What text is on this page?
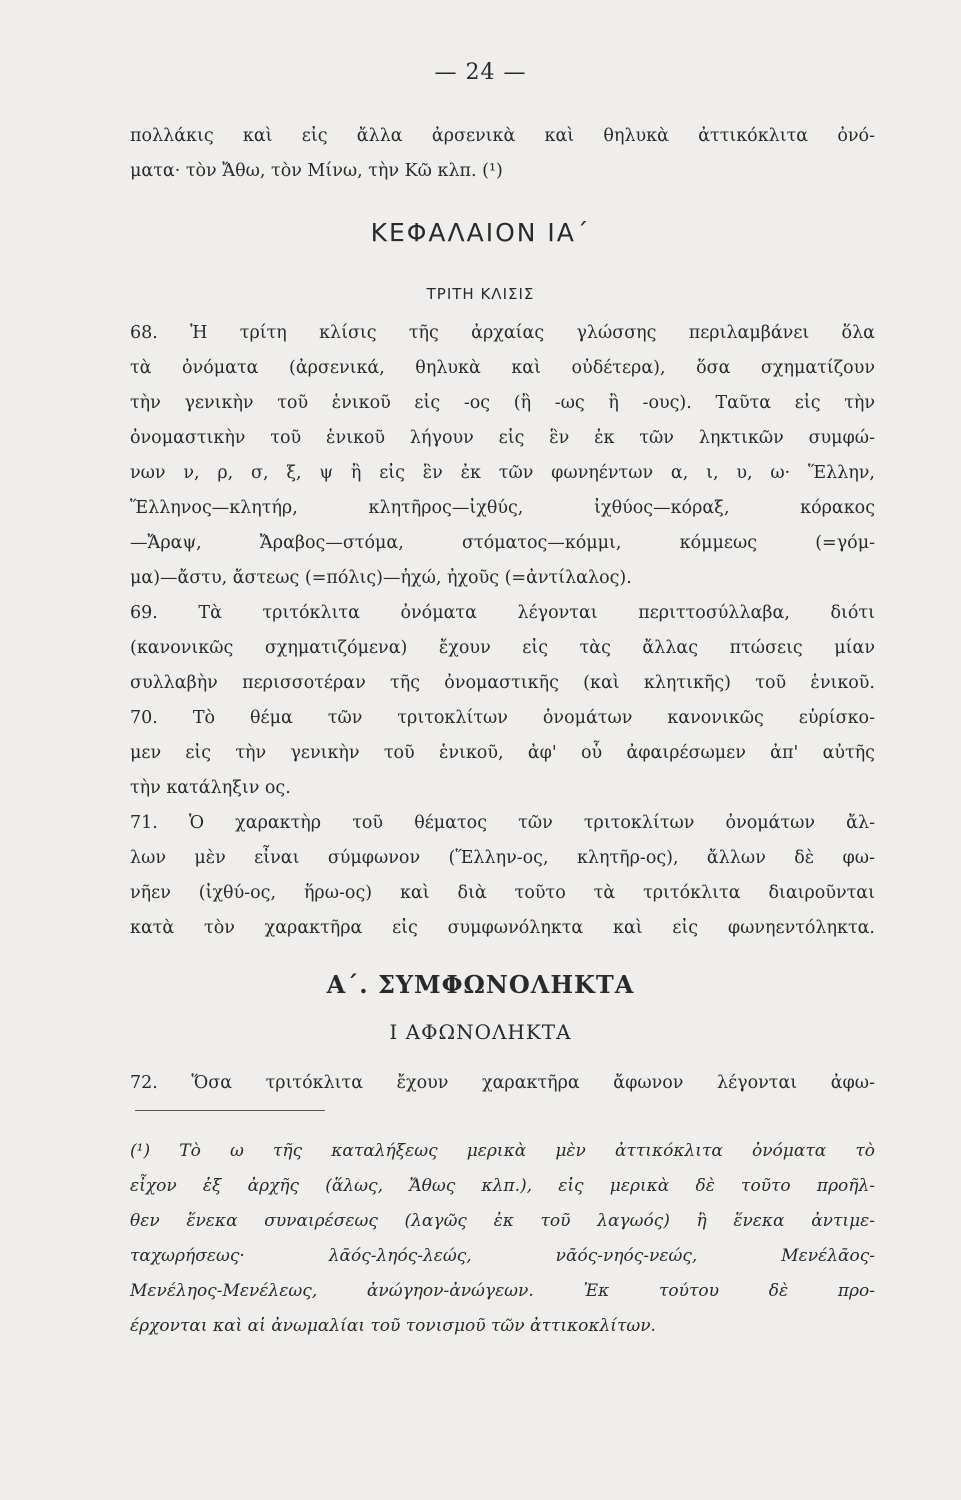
— 24 —
πολλάκις καὶ εἰς ἄλλα ἀρσενικὰ καὶ θηλυκὰ ἀττικόκλιτα ὀνό-
ματα· τὸν Ἄθω, τὸν Μίνω, τὴν Κῶ κλπ. (¹)
ΚΕΦΑΛΑΙΟΝ ΙΑ΄
ΤΡΙΤΗ ΚΛΙΣΙΣ
68. Ἡ τρίτη κλίσις τῆς ἀρχαίας γλώσσης περιλαμβάνει ὅλα
τὰ ὀνόματα (ἀρσενικά, θηλυκὰ καὶ οὐδέτερα), ὅσα σχηματίζουν
τὴν γενικὴν τοῦ ἑνικοῦ εἰς -ος (ἢ -ως ἢ -ους). Ταῦτα εἰς τὴν
ὀνομαστικὴν τοῦ ἑνικοῦ λήγουν εἰς ἓν ἐκ τῶν ληκτικῶν συμφώ-
νων ν, ρ, σ, ξ, ψ ἢ εἰς ἓν ἐκ τῶν φωνηέντων α, ι, υ, ω· Ἕλλην,
Ἕλληνος—κλητήρ, κλητῆρος—ἰχθύς, ἰχθύος—κόραξ, κόρακος
—Ἄραψ, Ἄραβος—στόμα, στόματος—κόμμι, κόμμεως (=γόμ-
μα)—ἄστυ, ἄστεως (=πόλις)—ἠχώ, ἠχοῦς (=ἀντίλαλος).
69. Τὰ τριτόκλιτα ὀνόματα λέγονται περιττοσύλλαβα, διότι
(κανονικῶς σχηματιζόμενα) ἔχουν εἰς τὰς ἄλλας πτώσεις μίαν
συλλαβὴν περισσοτέραν τῆς ὀνομαστικῆς (καὶ κλητικῆς) τοῦ ἑνικοῦ.
70. Τὸ θέμα τῶν τριτοκλίτων ὀνομάτων κανονικῶς εὑρίσκο-
μεν εἰς τὴν γενικὴν τοῦ ἑνικοῦ, ἀφ' οὗ ἀφαιρέσωμεν ἀπ' αὐτῆς
τὴν κατάληξιν ος.
71. Ὁ χαρακτὴρ τοῦ θέματος τῶν τριτοκλίτων ὀνομάτων ἄλ-
λων μὲν εἶναι σύμφωνον (Ἕλλην-ος, κλητῆρ-ος), ἄλλων δὲ φω-
νῆεν (ἰχθύ-ος, ἥρω-ος) καὶ διὰ τοῦτο τὰ τριτόκλιτα διαιροῦνται
κατὰ τὸν χαρακτῆρα εἰς συμφωνόληκτα καὶ εἰς φωνηεντόληκτα.
Α΄. ΣΥΜΦΩΝΟΛΗΚΤΑ
Ι ΑΦΩΝΟΛΗΚΤΑ
72. Ὅσα τριτόκλιτα ἔχουν χαρακτῆρα ἄφωνον λέγονται ἀφω-
(¹) Τὸ ω τῆς καταλήξεως μερικὰ μὲν ἀττικόκλιτα ὀνόματα τὸ
εἶχον ἐξ ἀρχῆς (ἅλως, Ἄθως κλπ.), εἰς μερικὰ δὲ τοῦτο προῆλ-
θεν ἕνεκα συναιρέσεως (λαγῶς ἐκ τοῦ λαγωός) ἢ ἕνεκα ἀντιμε-
ταχωρήσεως· λᾱός-ληός-λεώς, νᾱός-νηός-νεώς, Μενέλᾱος-
Μενέληος-Μενέλεως, ἀνώγηον-ἀνώγεων. Ἐκ τούτου δὲ προ-
έρχονται καὶ αἱ ἀνωμαλίαι τοῦ τονισμοῦ τῶν ἀττικοκλίτων.
